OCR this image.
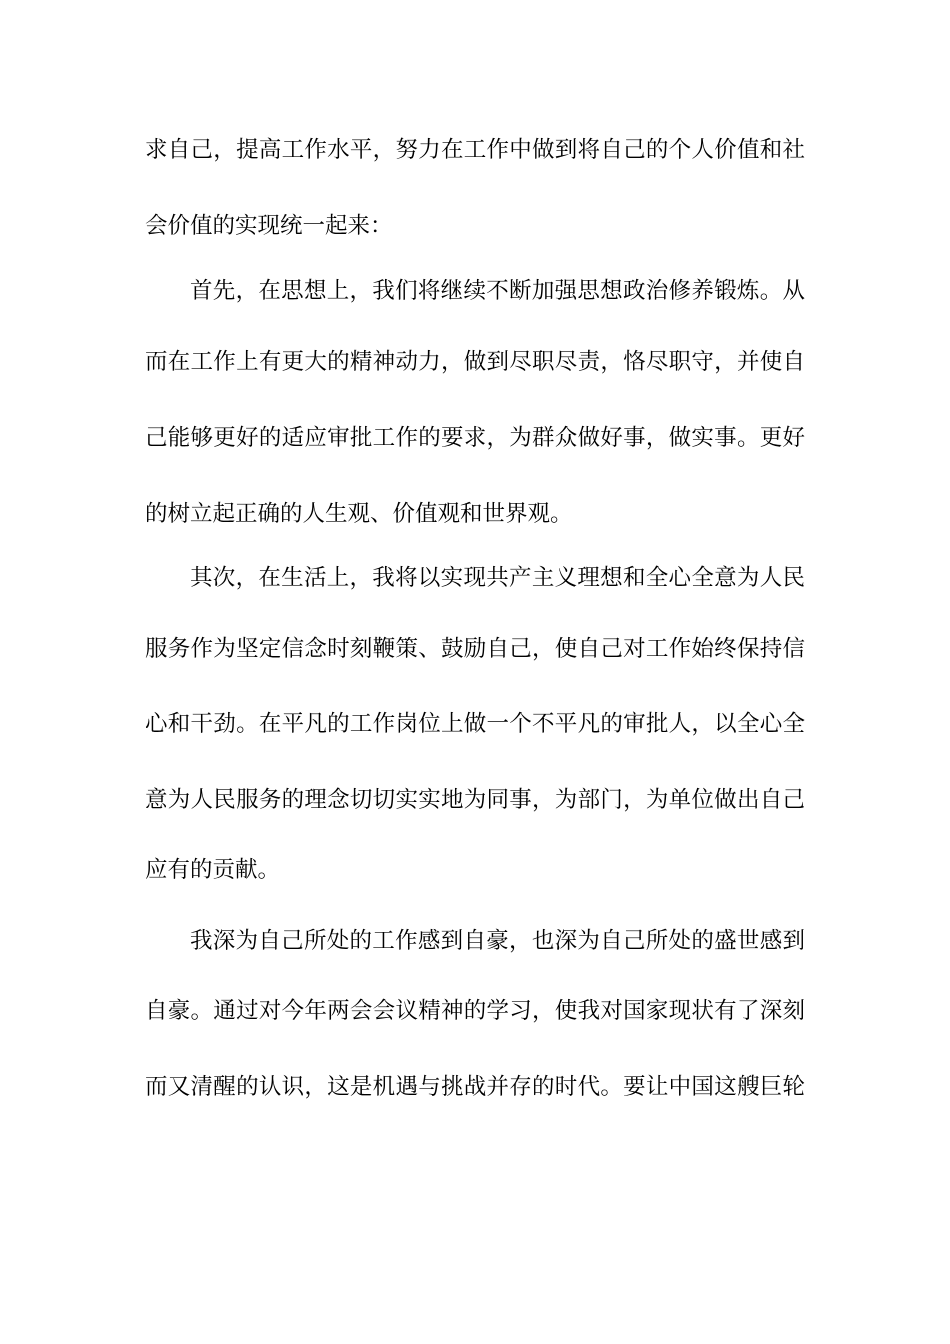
求自己，提高工作水平，努力在工作中做到将自己的个人价值和社
会价值的实现统一起来：
首先，在思想上，我们将继续不断加强思想政治修养锻炼。从
而在工作上有更大的精神动力，做到尽职尽责，恪尽职守，并使自
己能够更好的适应审批工作的要求，为群众做好事，做实事。更好
的树立起正确的人生观、价值观和世界观。
其次，在生活上，我将以实现共产主义理想和全心全意为人民
服务作为坚定信念时刻鞭策、鼓励自己，使自己对工作始终保持信
心和干劲。在平凡的工作岗位上做一个不平凡的审批人，以全心全
意为人民服务的理念切切实实地为同事，为部门，为单位做出自己
应有的贡献。
我深为自己所处的工作感到自豪，也深为自己所处的盛世感到
自豪。通过对今年两会会议精神的学习，使我对国家现状有了深刻
而又清醒的认识，这是机遇与挑战并存的时代。要让中国这艘巨轮
